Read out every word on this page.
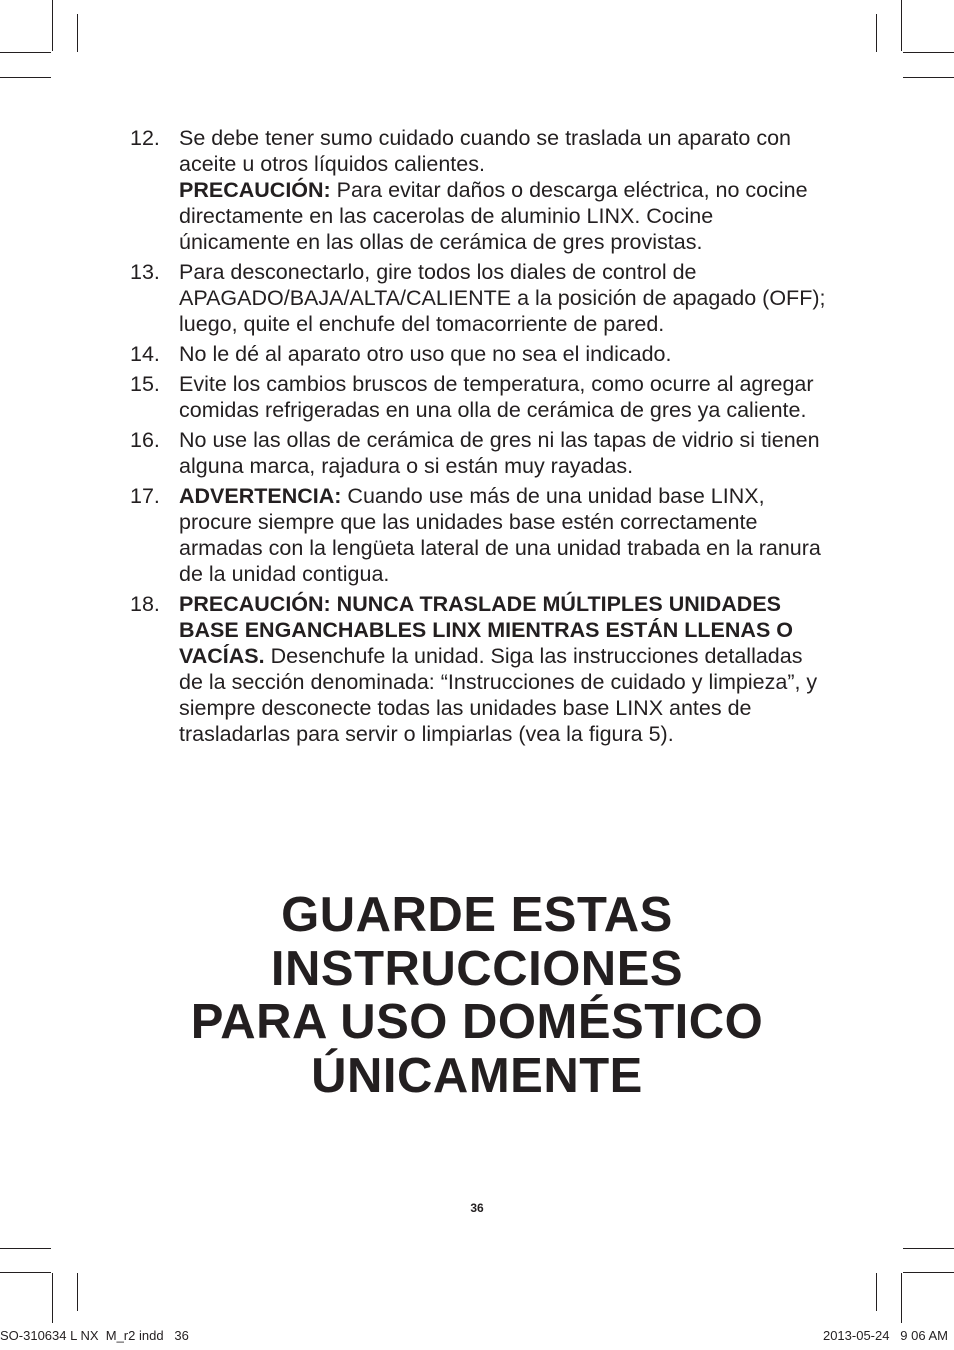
12. Se debe tener sumo cuidado cuando se traslada un aparato con aceite u otros líquidos calientes.
PRECAUCIÓN: Para evitar daños o descarga eléctrica, no cocine directamente en las cacerolas de aluminio LINX. Cocine únicamente en las ollas de cerámica de gres provistas.
13. Para desconectarlo, gire todos los diales de control de APAGADO/BAJA/ALTA/CALIENTE a la posición de apagado (OFF); luego, quite el enchufe del tomacorriente de pared.
14. No le dé al aparato otro uso que no sea el indicado.
15. Evite los cambios bruscos de temperatura, como ocurre al agregar comidas refrigeradas en una olla de cerámica de gres ya caliente.
16. No use las ollas de cerámica de gres ni las tapas de vidrio si tienen alguna marca, rajadura o si están muy rayadas.
17. ADVERTENCIA: Cuando use más de una unidad base LINX, procure siempre que las unidades base estén correctamente armadas con la lengüeta lateral de una unidad trabada en la ranura de la unidad contigua.
18. PRECAUCIÓN: NUNCA TRASLADE MÚLTIPLES UNIDADES BASE ENGANCHABLES LINX MIENTRAS ESTÁN LLENAS O VACÍAS. Desenchufe la unidad. Siga las instrucciones detalladas de la sección denominada: “Instrucciones de cuidado y limpieza”, y siempre desconecte todas las unidades base LINX antes de trasladarlas para servir o limpiarlas (vea la figura 5).
GUARDE ESTAS
INSTRUCCIONES
PARA USO DOMÉSTICO
ÚNICAMENTE
36
SO-310634 L NX  M_r2 indd   36	2013-05-24   9 06 AM
